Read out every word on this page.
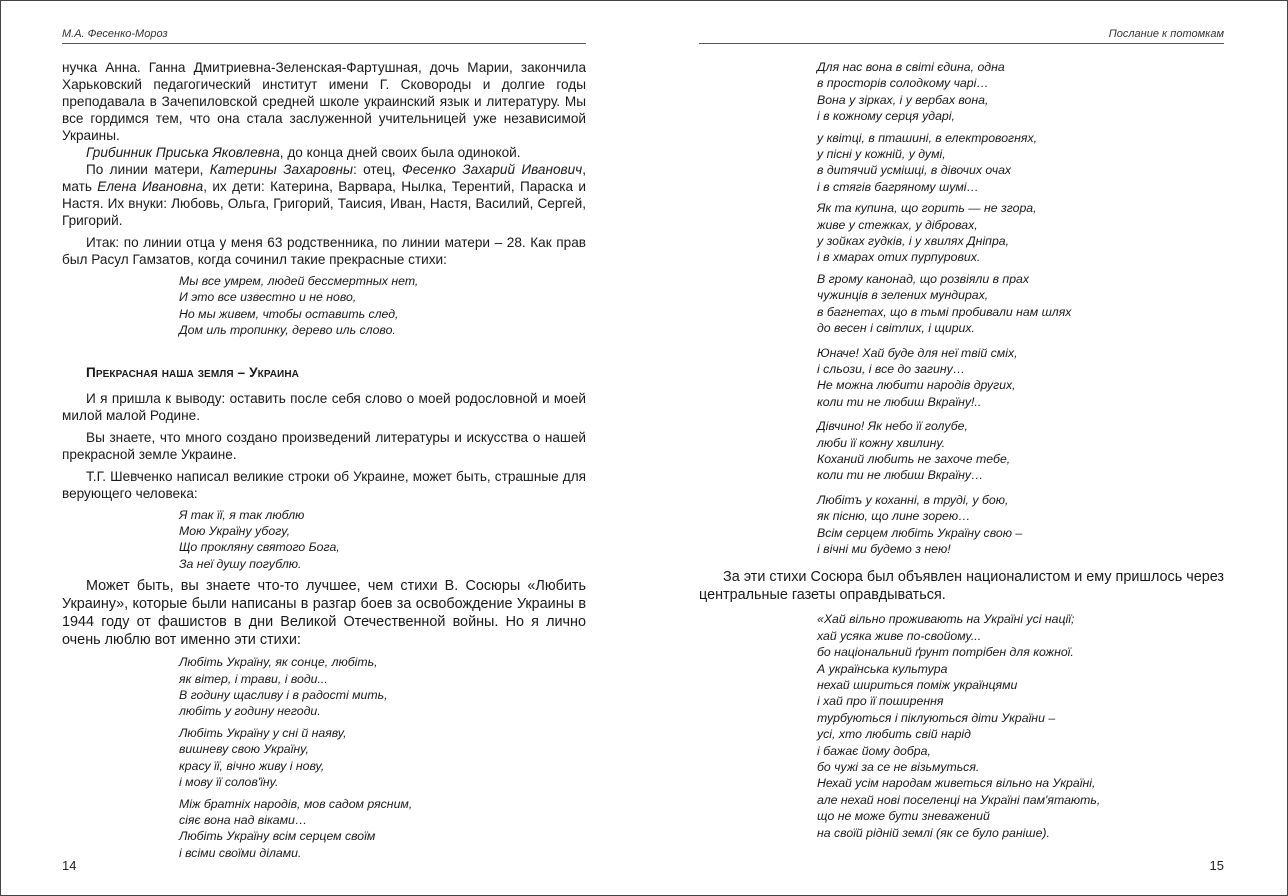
М.А. Фесенко-Мороз

нучка Анна. Ганна Дмитриевна-Зеленская-Фартушная, дочь Марии, закончила Харьковский педагогический институт имени Г. Сковороды и долгие годы преподавала в Зачепиловской средней школе украинский язык и литературу. Мы все гордимся тем, что она стала заслуженной учительницей уже независимой Украины.

Грибинник Приська Яковлевна, до конца дней своих была одинокой.

По линии матери, Катерины Захаровны: отец, Фесенко Захарий Иванович, мать Елена Ивановна, их дети: Катерина, Варвара, Нылка, Терентий, Параска и Настя. Их внуки: Любовь, Ольга, Григорий, Таисия, Иван, Настя, Василий, Сергей, Григорий.

Итак: по линии отца у меня 63 родственника, по линии матери – 28. Как прав был Расул Гамзатов, когда сочинил такие прекрасные стихи:

Мы все умрем, людей бессмертных нет,
И это все известно и не ново,
Но мы живем, чтобы оставить след,
Дом иль тропинку, дерево иль слово.

Прекрасная наша земля – Украина

И я пришла к выводу: оставить после себя слово о моей родословной и моей милой малой Родине.

Вы знаете, что много создано произведений литературы и искусства о нашей прекрасной земле Украине.

Т.Г. Шевченко написал великие строки об Украине, может быть, страшные для верующего человека:

Я так її, я так люблю
Мою Україну убогу,
Що прокляну святого Бога,
За неї душу погублю.

Может быть, вы знаете что-то лучшее, чем стихи В. Сосюры «Любить Украину», которые были написаны в разгар боев за освобождение Украины в 1944 году от фашистов в дни Великой Отечественной войны. Но я лично очень люблю вот именно эти стихи:

Любіть Україну, як сонце, любіть,
як вітер, і трави, і води...
В годину щасливу і в радості мить,
любіть у годину негоди.
Любіть Україну у сні й наяву,
вишневу свою Україну,
красу її, вічно живу і нову,
і мову її солов'їну.
Між братніх народів, мов садом рясним,
сіяє вона над віками…
Любіть Україну всім серцем своїм
і всіми своїми ділами.
14
Послание к потомкам
Для нас вона в світі єдина, одна
в просторів солодкому чарі…
Вона у зірках, і у вербах вона,
і в кожному серця ударі,
у квітці, в пташині, в електровогнях,
у пісні у кожній, у думі,
в дитячий усмішці, в дівочих очах
і в стягів багряному шумі…
Як та купина, що горить — не згора,
живе у стежках, у дібровах,
у зойках гудків, і у хвилях Дніпра,
і в хмарах отих пурпурових.
В грому канонад, що розвіяли в прах
чужинців в зелених мундирах,
в багнетах, що в тьмі пробивали нам шлях
до весен і світлих, і щирих.
Юначе! Хай буде для неї твій сміх,
і сльози, і все до загину…
Не можна любити народів других,
коли ти не любиш Вкраїну!..
Дівчино! Як небо її голубе,
люби її кожну хвилину.
Коханий любить не захоче тебе,
коли ти не любиш Вкраїну…
Любітъ у коханні, в труді, у бою,
як пісню, що лине зорею…
Всім серцем любіть Україну свою –
і вічні ми будемо з нею!

За эти стихи Сосюра был объявлен националистом и ему пришлось через центральные газеты оправдываться.

«Хай вільно проживають на Україні усі нації;
хай усяка живе по-свойому...
бо національний ґрунт потрібен для кожної.
А українська культура
нехай шириться поміж українцями
і хай про її поширення
турбуються і піклуються діти України –
усі, хто любить свій нарід
і бажає йому добра,
бо чужі за се не візьмуться.
Нехай усім народам живеться вільно на Україні,
але нехай нові поселенці на Україні пам'ятають,
що не може бути зневажений
на своїй рідній землі (як се було раніше).
15
